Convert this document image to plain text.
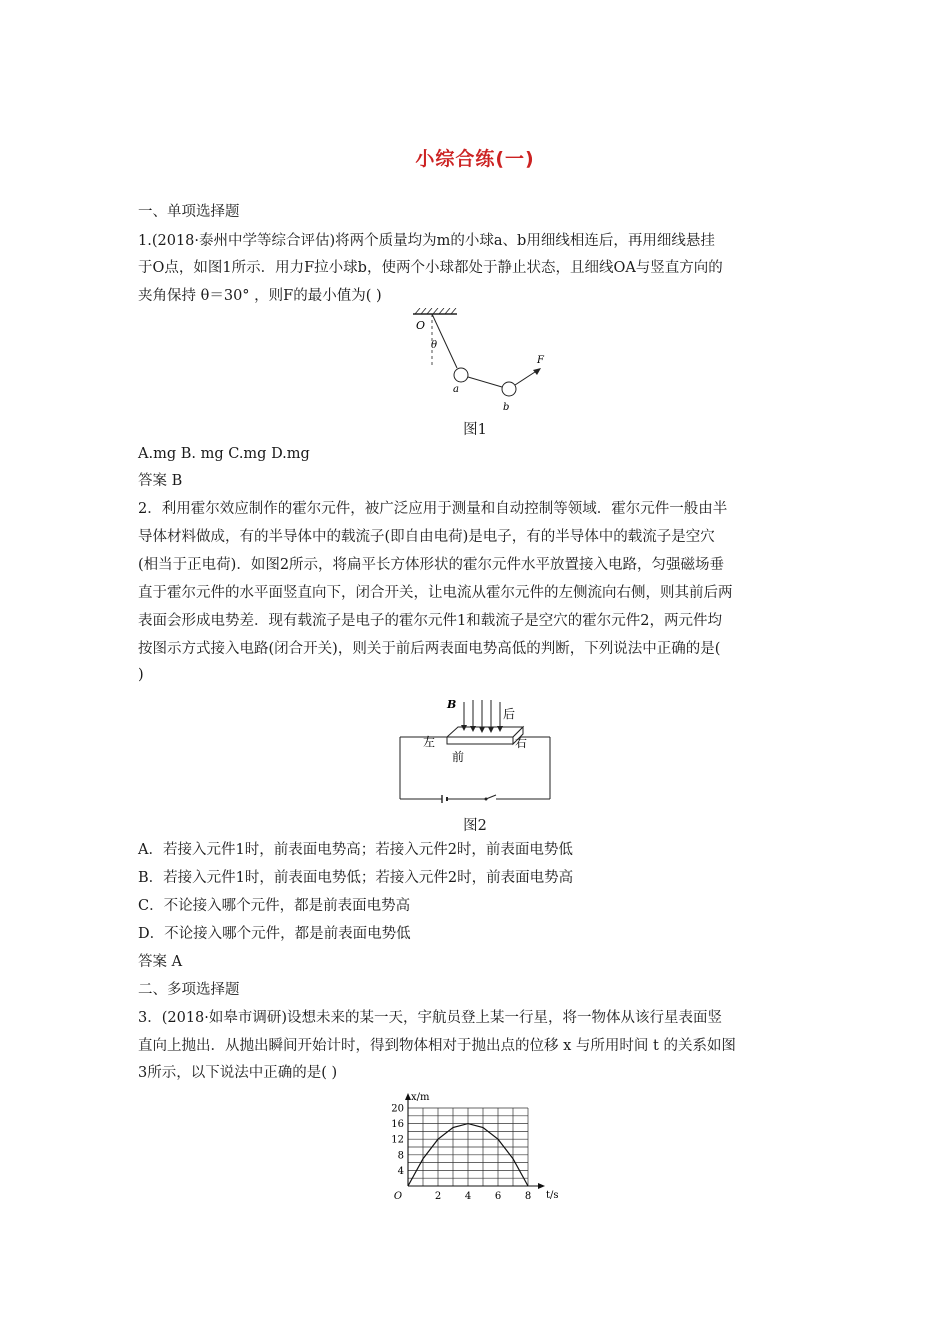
小综合练(一)
一、单项选择题
1.(2018·泰州中学等综合评估)将两个质量均为m的小球a、b用细线相连后，再用细线悬挂
于O点，如图1所示．用力F拉小球b，使两个小球都处于静止状态，且细线OA与竖直方向的
夹角保持 θ＝30° ，则F的最小值为( )
O
θ
a
b
F
图1
A.mg B. mg C.mg D.mg
答案 B
2．利用霍尔效应制作的霍尔元件，被广泛应用于测量和自动控制等领域．霍尔元件一般由半
导体材料做成，有的半导体中的载流子(即自由电荷)是电子，有的半导体中的载流子是空穴
(相当于正电荷)．如图2所示，将扁平长方体形状的霍尔元件水平放置接入电路，匀强磁场垂
直于霍尔元件的水平面竖直向下，闭合开关，让电流从霍尔元件的左侧流向右侧，则其前后两
表面会形成电势差．现有载流子是电子的霍尔元件1和载流子是空穴的霍尔元件2，两元件均
按图示方式接入电路(闭合开关)，则关于前后两表面电势高低的判断，下列说法中正确的是(
)
B
后
左	右
前
图2
A．若接入元件1时，前表面电势高；若接入元件2时，前表面电势低
B．若接入元件1时，前表面电势低；若接入元件2时，前表面电势高
C．不论接入哪个元件，都是前表面电势高
D．不论接入哪个元件，都是前表面电势低
答案 A
二、多项选择题
3．(2018·如皋市调研)设想未来的某一天，宇航员登上某一行星，将一物体从该行星表面竖
直向上抛出．从抛出瞬间开始计时，得到物体相对于抛出点的位移 x 与所用时间 t 的关系如图
3所示，以下说法中正确的是( )
2 4 6 8
4
8
12
16
20
O	t/s
x/m
